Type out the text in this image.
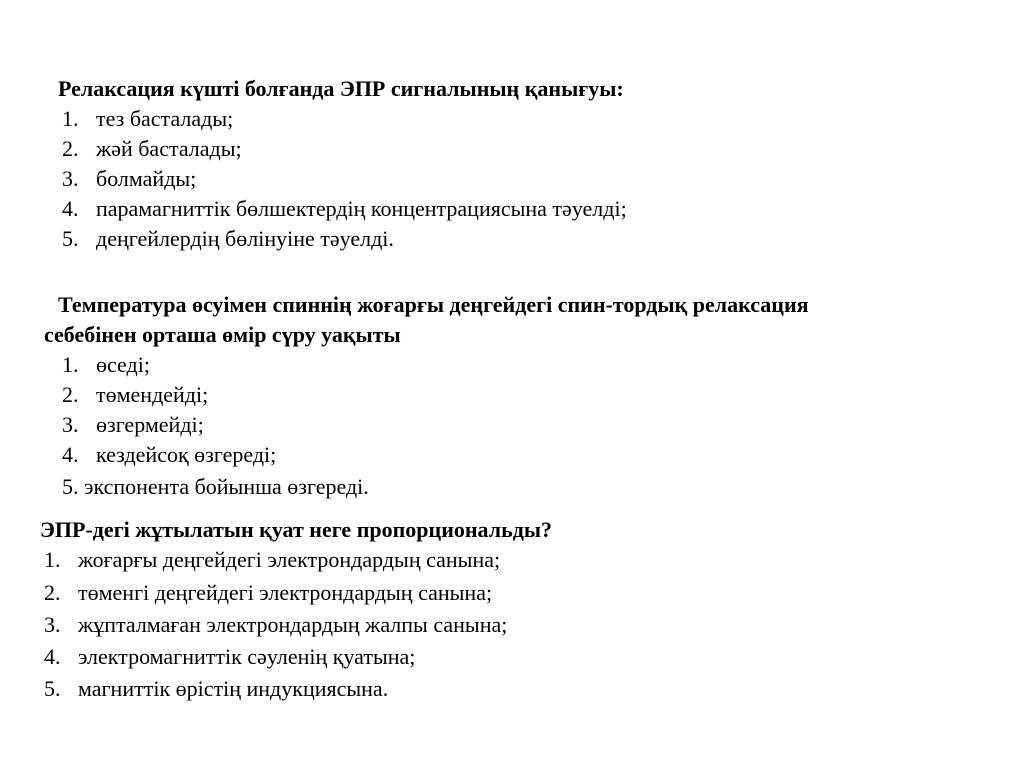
Релаксация күшті болғанда ЭПР сигналының қанығуы:
1. тез басталады;
2. жәй басталады;
3. болмайды;
4. парамагниттік бөлшектердің концентрациясына тәуелді;
5. деңгейлердің бөлінуіне тәуелді.
Температура өсуімен спиннің жоғарғы деңгейдегі спин-тордық релаксация
себебінен орташа өмір сүру уақыты
1. өседі;
2. төмендейді;
3. өзгермейді;
4. кездейсоқ өзгереді;
5. экспонента бойынша өзгереді.
ЭПР-дегі жұтылатын қуат неге пропорциональды?
1. жоғарғы деңгейдегі электрондардың санына;
2. төменгі деңгейдегі электрондардың санына;
3. жұпталмаған электрондардың жалпы санына;
4. электромагниттік сәуленің қуатына;
5. магниттік өрістің индукциясына.
